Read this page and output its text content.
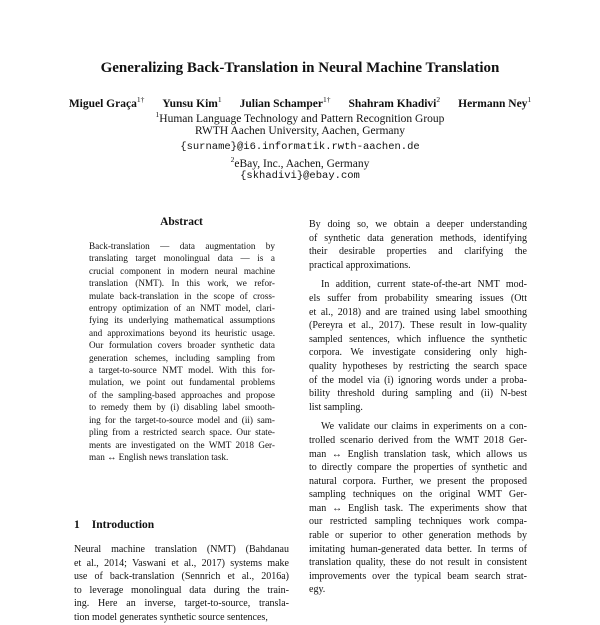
Generalizing Back-Translation in Neural Machine Translation
Miguel Graça$^{1\dagger}$ Yunsu Kim$^1$ Julian Schamper$^{1\dagger}$ Shahram Khadivi$^2$ Hermann Ney$^1$
$^1$Human Language Technology and Pattern Recognition Group
RWTH Aachen University, Aachen, Germany
{surname}@i6.informatik.rwth-aachen.de
$^2$eBay, Inc., Aachen, Germany
{skhadivi}@ebay.com
Abstract
Back-translation — data augmentation by
translating target monolingual data — is a
crucial component in modern neural machine
translation (NMT). In this work, we refor-
mulate back-translation in the scope of cross-
entropy optimization of an NMT model, clari-
fying its underlying mathematical assumptions
and approximations beyond its heuristic usage.
Our formulation covers broader synthetic data
generation schemes, including sampling from
a target-to-source NMT model. With this for-
mulation, we point out fundamental problems
of the sampling-based approaches and propose
to remedy them by (i) disabling label smooth-
ing for the target-to-source model and (ii) sam-
pling from a restricted search space. Our state-
ments are investigated on the WMT 2018 Ger-
man ↔ English news translation task.
1 Introduction
Neural machine translation (NMT) (Bahdanau
et al., 2014; Vaswani et al., 2017) systems make
use of back-translation (Sennrich et al., 2016a)
to leverage monolingual data during the train-
ing. Here an inverse, target-to-source, transla-
tion model generates synthetic source sentences,
By doing so, we obtain a deeper understanding
of synthetic data generation methods, identifying
their desirable properties and clarifying the
practical approximations.
In addition, current state-of-the-art NMT mod-
els suffer from probability smearing issues (Ott
et al., 2018) and are trained using label smoothing
(Pereyra et al., 2017). These result in low-quality
sampled sentences, which influence the synthetic
corpora. We investigate considering only high-
quality hypotheses by restricting the search space
of the model via (i) ignoring words under a proba-
bility threshold during sampling and (ii) N-best
list sampling.
We validate our claims in experiments on a con-
trolled scenario derived from the WMT 2018 Ger-
man ↔ English translation task, which allows us
to directly compare the properties of synthetic and
natural corpora. Further, we present the proposed
sampling techniques on the original WMT Ger-
man ↔ English task. The experiments show that
our restricted sampling techniques work compa-
rable or superior to other generation methods by
imitating human-generated data better. In terms of
translation quality, these do not result in consistent
improvements over the typical beam search strat-
egy.
